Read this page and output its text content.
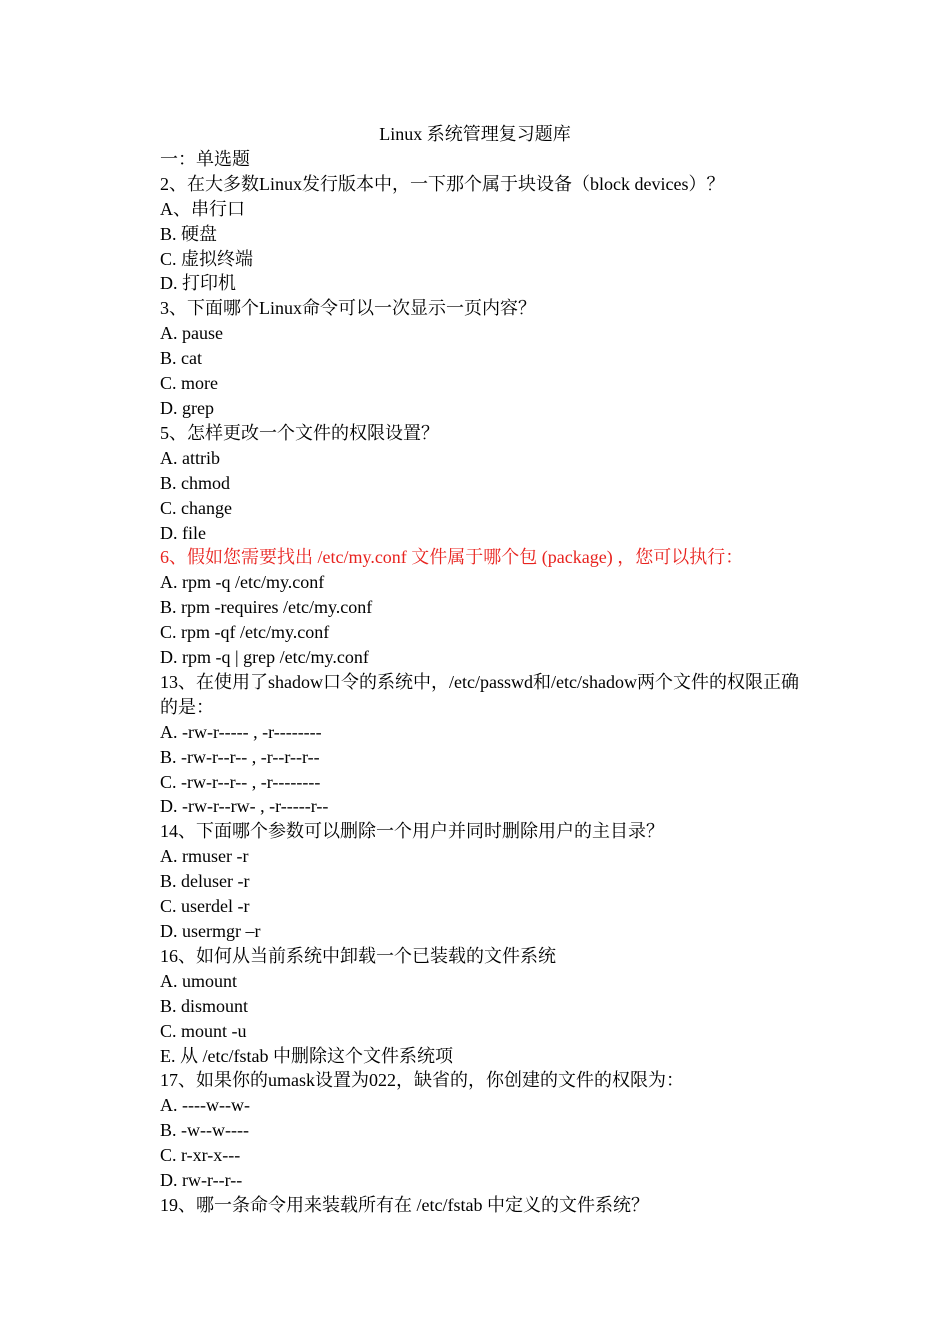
Linux 系统管理复习题库
一：单选题
2、在大多数Linux发行版本中，一下那个属于块设备（block devices）？
A、串行口
B. 硬盘
C. 虚拟终端
D. 打印机
3、下面哪个Linux命令可以一次显示一页内容？
A. pause
B. cat
C. more
D. grep
5、怎样更改一个文件的权限设置？
A. attrib
B. chmod
C. change
D. file
6、假如您需要找出 /etc/my.conf 文件属于哪个包 (package) ，您可以执行：
A. rpm -q /etc/my.conf
B. rpm -requires /etc/my.conf
C. rpm -qf /etc/my.conf
D. rpm -q | grep /etc/my.conf
13、在使用了shadow口令的系统中，/etc/passwd和/etc/shadow两个文件的权限正确的是：
A. -rw-r----- , -r--------
B. -rw-r--r-- , -r--r--r--
C. -rw-r--r-- , -r--------
D. -rw-r--rw- , -r-----r--
14、下面哪个参数可以删除一个用户并同时删除用户的主目录？
A. rmuser -r
B. deluser -r
C. userdel -r
D. usermgr –r
16、如何从当前系统中卸载一个已装载的文件系统
A. umount
B. dismount
C. mount -u
E. 从 /etc/fstab 中删除这个文件系统项
17、如果你的umask设置为022，缺省的，你创建的文件的权限为：
A. ----w--w-
B. -w--w----
C. r-xr-x---
D. rw-r--r--
19、哪一条命令用来装载所有在 /etc/fstab 中定义的文件系统？
